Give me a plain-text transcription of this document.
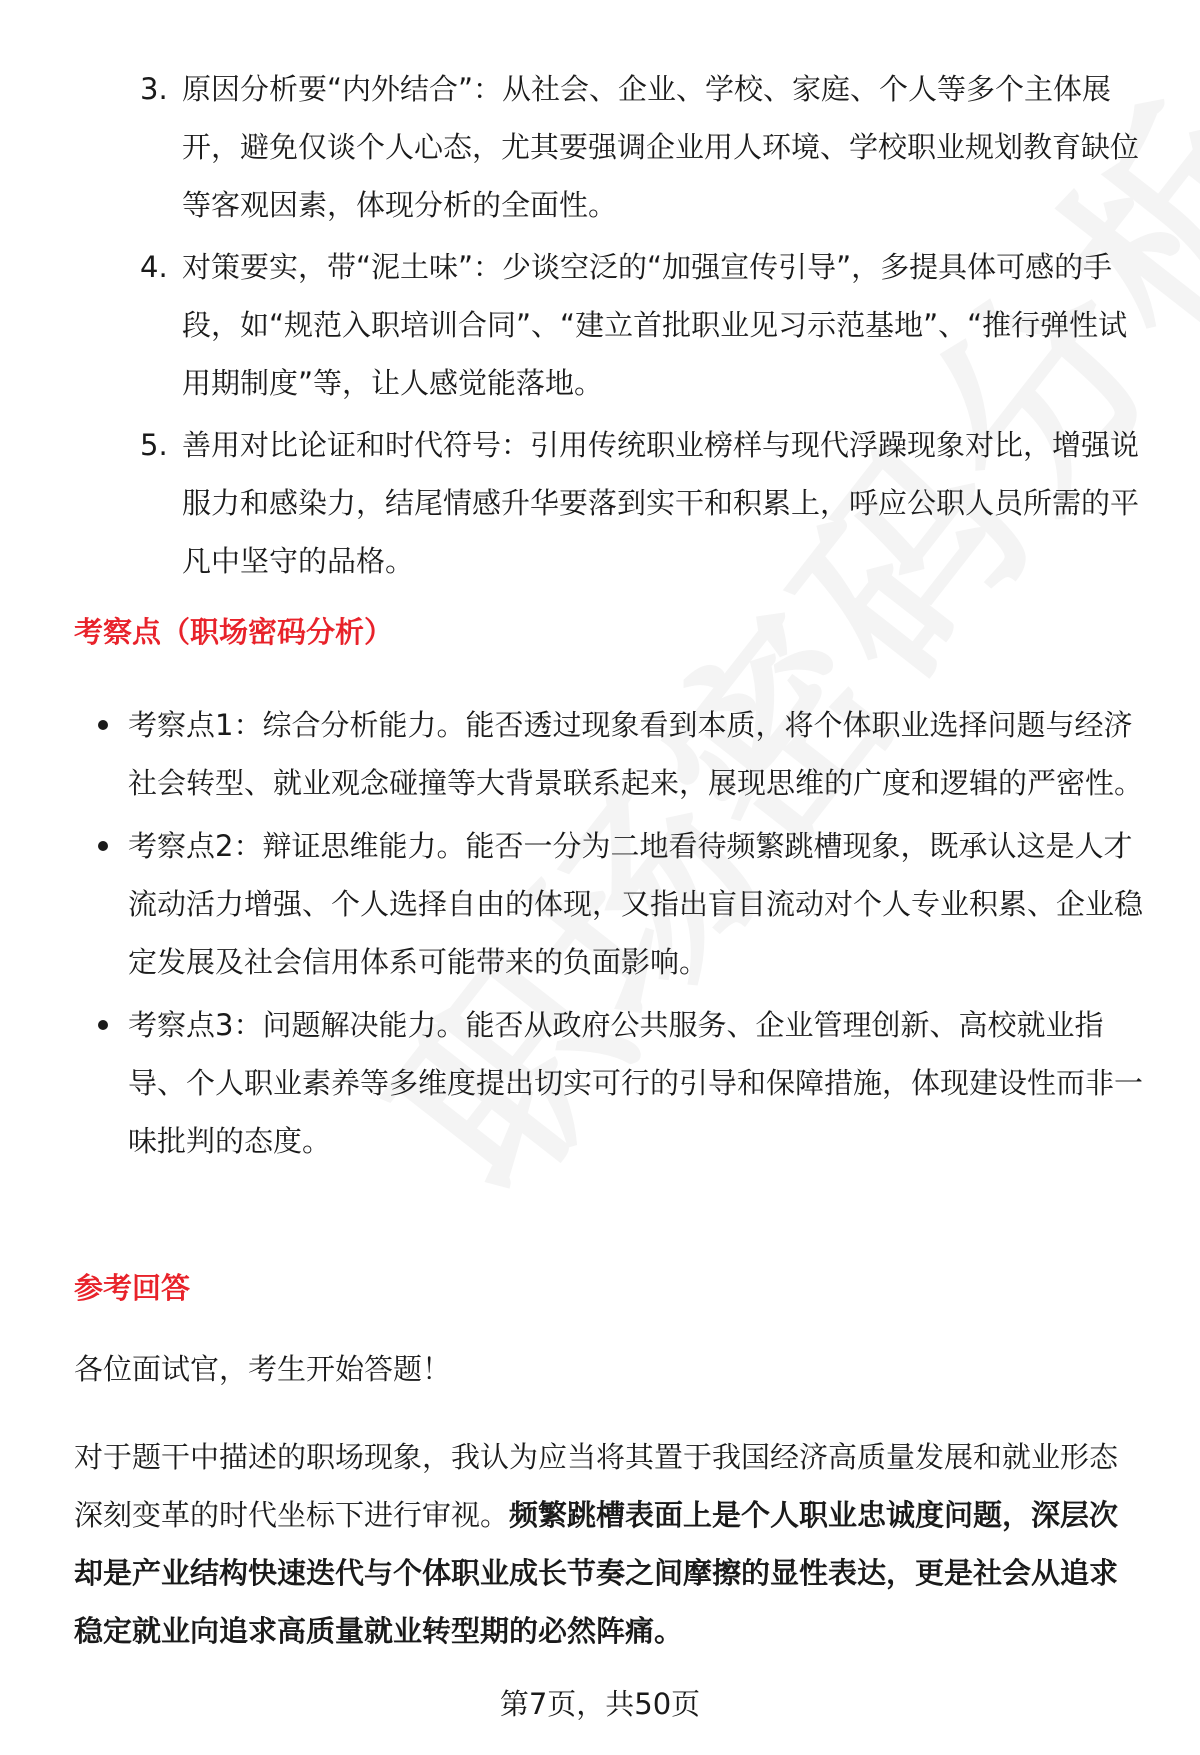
3. 原因分析要“内外结合”：从社会、企业、学校、家庭、个人等多个主体展开，避免仅谈个人心态，尤其要强调企业用人环境、学校职业规划教育缺位等客观因素，体现分析的全面性。
4. 对策要实，带“泥土味”：少谈空泛的“加强宣传引导”，多提具体可感的手段，如“规范入职培训合同”、“建立首批职业见习示范基地”、“推行弹性试用期制度”等，让人感觉能落地。
5. 善用对比论证和时代符号：引用传统职业榜样与现代浮躁现象对比，增强说服力和感染力，结尾情感升华要落到实干和积累上，呼应公职人员所需的平凡中坚守的品格。
考察点（职场密码分析）
考察点1：综合分析能力。能否透过现象看到本质，将个体职业选择问题与经济社会转型、就业观念碰撞等大背景联系起来，展现思维的广度和逻辑的严密性。
考察点2：辩证思维能力。能否一分为二地看待频繁跳槽现象，既承认这是人才流动活力增强、个人选择自由的体现，又指出盲目流动对个人专业积累、企业稳定发展及社会信用体系可能带来的负面影响。
考察点3：问题解决能力。能否从政府公共服务、企业管理创新、高校就业指导、个人职业素养等多维度提出切实可行的引导和保障措施，体现建设性而非一味批判的态度。
参考回答

各位面试官，考生开始答题！

对于题干中描述的职场现象，我认为应当将其置于我国经济高质量发展和就业形态深刻变革的时代坐标下进行审视。频繁跳槽表面上是个人职业忠诚度问题，深层次却是产业结构快速迭代与个体职业成长节奏之间摩擦的显性表达，更是社会从追求稳定就业向追求高质量就业转型期的必然阵痛。

第7页，共50页
